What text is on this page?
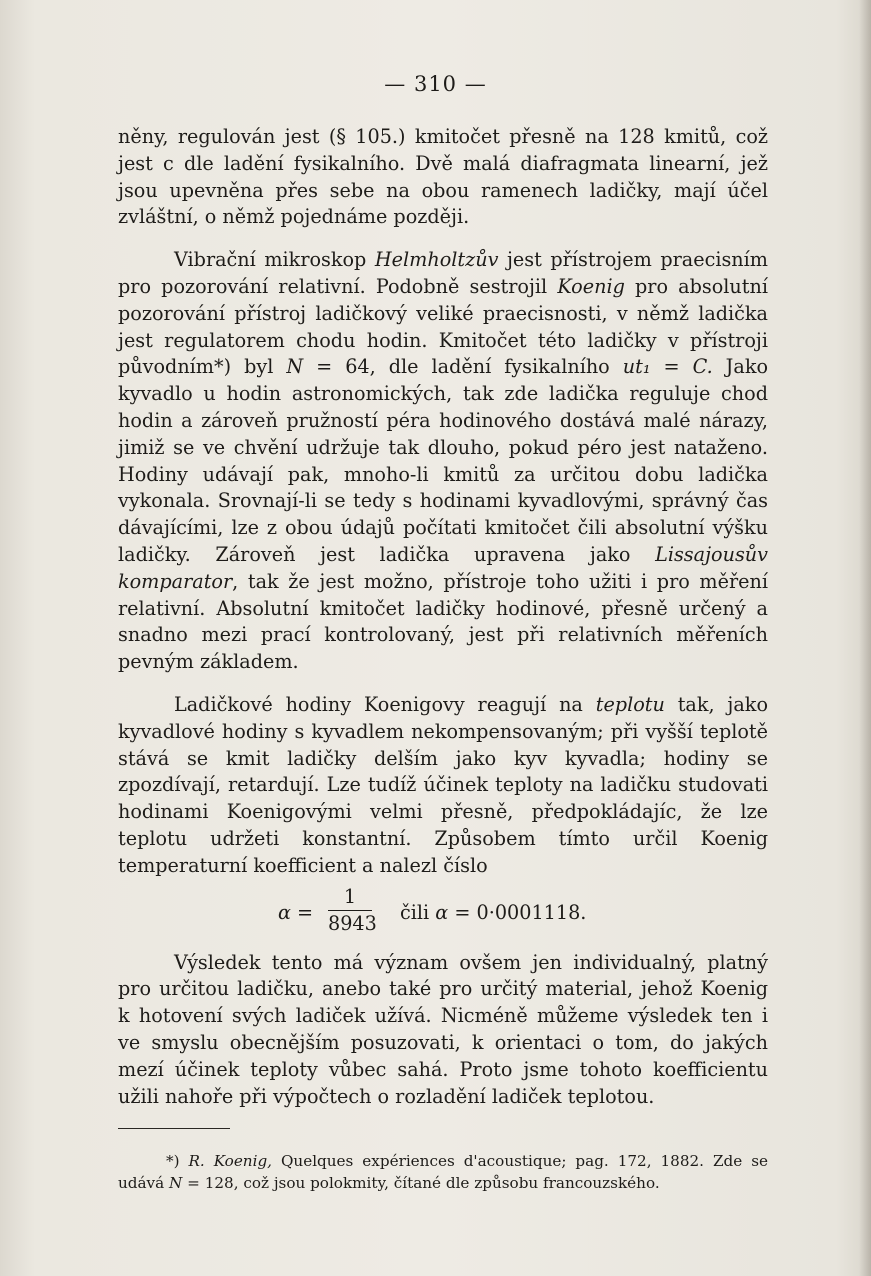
— 310 —

něny, regulován jest (§ 105.) kmitočet přesně na 128 kmitů, což jest c dle ladění fysikalního. Dvě malá diafragmata linearní, jež jsou upevněna přes sebe na obou ramenech ladičky, mají účel zvláštní, o němž pojednáme později.

Vibrační mikroskop Helmholtzův jest přístrojem praecisním pro pozorování relativní. Podobně sestrojil Koenig pro absolutní pozorování přístroj ladičkový veliké praecisnosti, v němž ladička jest regulatorem chodu hodin. Kmitočet této ladičky v přístroji původním*) byl N = 64, dle ladění fysikalního ut₁ = C. Jako kyvadlo u hodin astronomických, tak zde ladička reguluje chod hodin a zároveň pružností péra hodinového dostává malé nárazy, jimiž se ve chvění udržuje tak dlouho, pokud péro jest nataženo. Hodiny udávají pak, mnoho-li kmitů za určitou dobu ladička vykonala. Srovnají-li se tedy s hodinami kyvadlovými, správný čas dávajícími, lze z obou údajů počítati kmitočet čili absolutní výšku ladičky. Zároveň jest ladička upravena jako Lissajousův komparator, tak že jest možno, přístroje toho užiti i pro měření relativní. Absolutní kmitočet ladičky hodinové, přesně určený a snadno mezi prací kontrolovaný, jest při relativních měřeních pevným základem.

Ladičkové hodiny Koenigovy reagují na teplotu tak, jako kyvadlové hodiny s kyvadlem nekompensovaným; při vyšší teplotě stává se kmit ladičky delším jako kyv kyvadla; hodiny se zpozdívají, retardují. Lze tudíž účinek teploty na ladičku studovati hodinami Koenigovými velmi přesně, předpokládajíc, že lze teplotu udržeti konstantní. Způsobem tímto určil Koenig temperaturní koefficient a nalezl číslo

α =
1
8943 čili α = 0·0001118.

Výsledek tento má význam ovšem jen individualný, platný pro určitou ladičku, anebo také pro určitý material, jehož Koenig k hotovení svých ladiček užívá. Nicméně můžeme výsledek ten i ve smyslu obecnějším posuzovati, k orientaci o tom, do jakých mezí účinek teploty vůbec sahá. Proto jsme tohoto koefficientu užili nahoře při výpočtech o rozladění ladiček teplotou.

*) R. Koenig, Quelques expériences d'acoustique; pag. 172, 1882. Zde se udává N = 128, což jsou polokmity, čítané dle způsobu francouzského.
